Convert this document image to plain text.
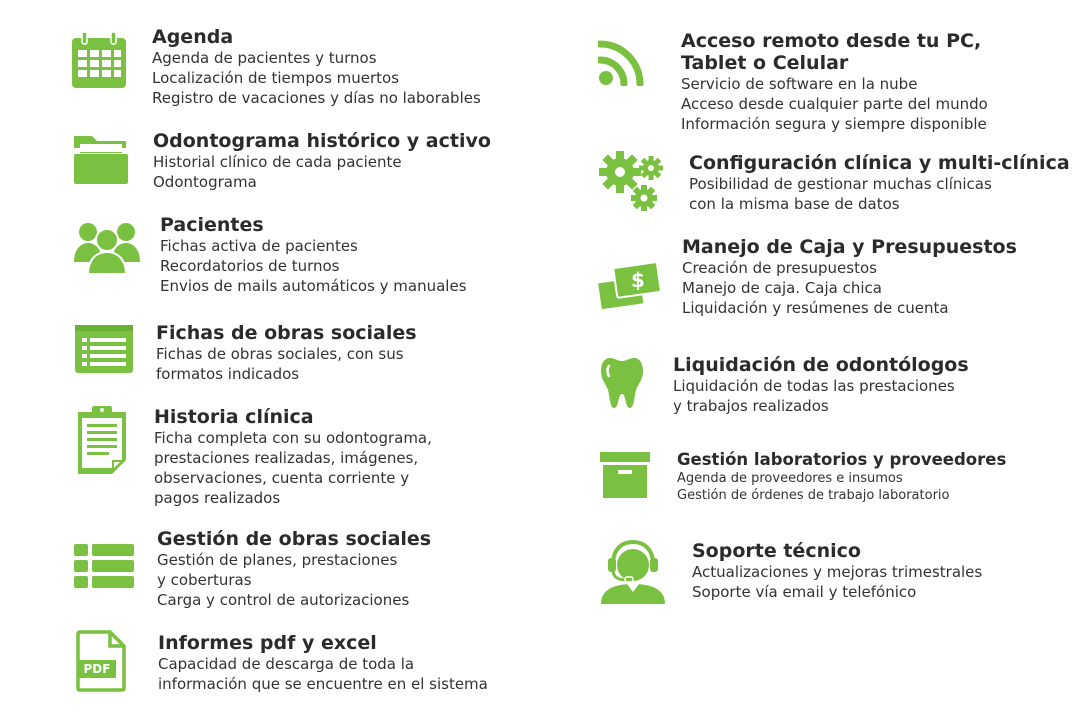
Agenda

Agenda de pacientes y turnos

Localización de tiempos muertos

Registro de vacaciones y días no laborables

Odontograma histórico y activo

Historial clínico de cada paciente

Odontograma

Pacientes

Fichas activa de pacientes

Recordatorios de turnos

Envios de mails automáticos y manuales

Fichas de obras sociales

Fichas de obras sociales, con sus

formatos indicados

Historia clínica

Ficha completa con su odontograma,

prestaciones realizadas, imágenes,

observaciones, cuenta corriente y

pagos realizados

Gestión de obras sociales

Gestión de planes, prestaciones

y coberturas

Carga y control de autorizaciones

PDF

Informes pdf y excel

Capacidad de descarga de toda la

información que se encuentre en el sistema

Acceso remoto desde tu PC,

Tablet o Celular

Servicio de software en la nube

Acceso desde cualquier parte del mundo

Información segura y siempre disponible

Configuración clínica y multi-clínica

Posibilidad de gestionar muchas clínicas

con la misma base de datos

$

Manejo de Caja y Presupuestos

Creación de presupuestos

Manejo de caja. Caja chica

Liquidación y resúmenes de cuenta

Liquidación de odontólogos

Liquidación de todas las prestaciones

y trabajos realizados

Gestión laboratorios y proveedores

Agenda de proveedores e insumos

Gestión de órdenes de trabajo laboratorio

Soporte técnico

Actualizaciones y mejoras trimestrales

Soporte vía email y telefónico
